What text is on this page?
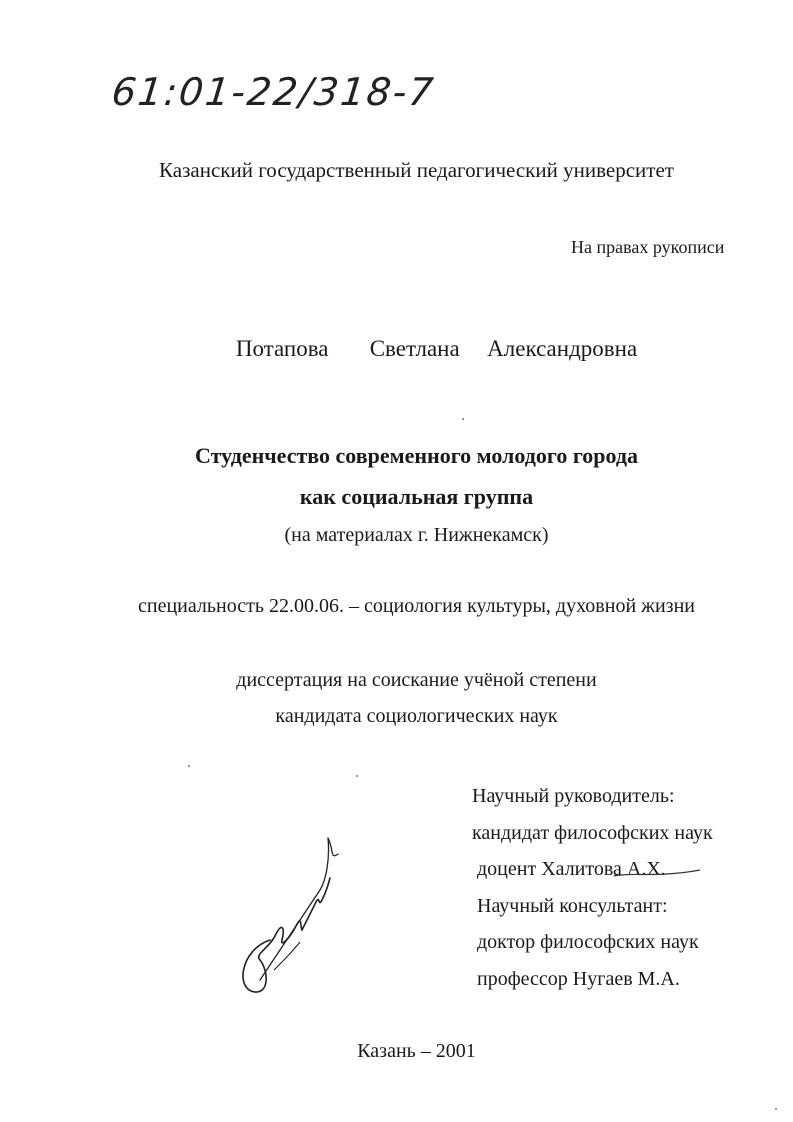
61:01-22/318-7
Казанский государственный педагогический университет
На правах рукописи
Потапова   Светлана  Александровна
Студенчество современного молодого города
как социальная группа
(на материалах г. Нижнекамск)
специальность 22.00.06. – социология культуры, духовной жизни
диссертация на соискание учёной степени
кандидата социологических наук
Научный руководитель:
кандидат философских наук
доцент Халитова А.Х.
Научный консультант:
доктор философских наук
профессор Нугаев М.А.
Казань – 2001
